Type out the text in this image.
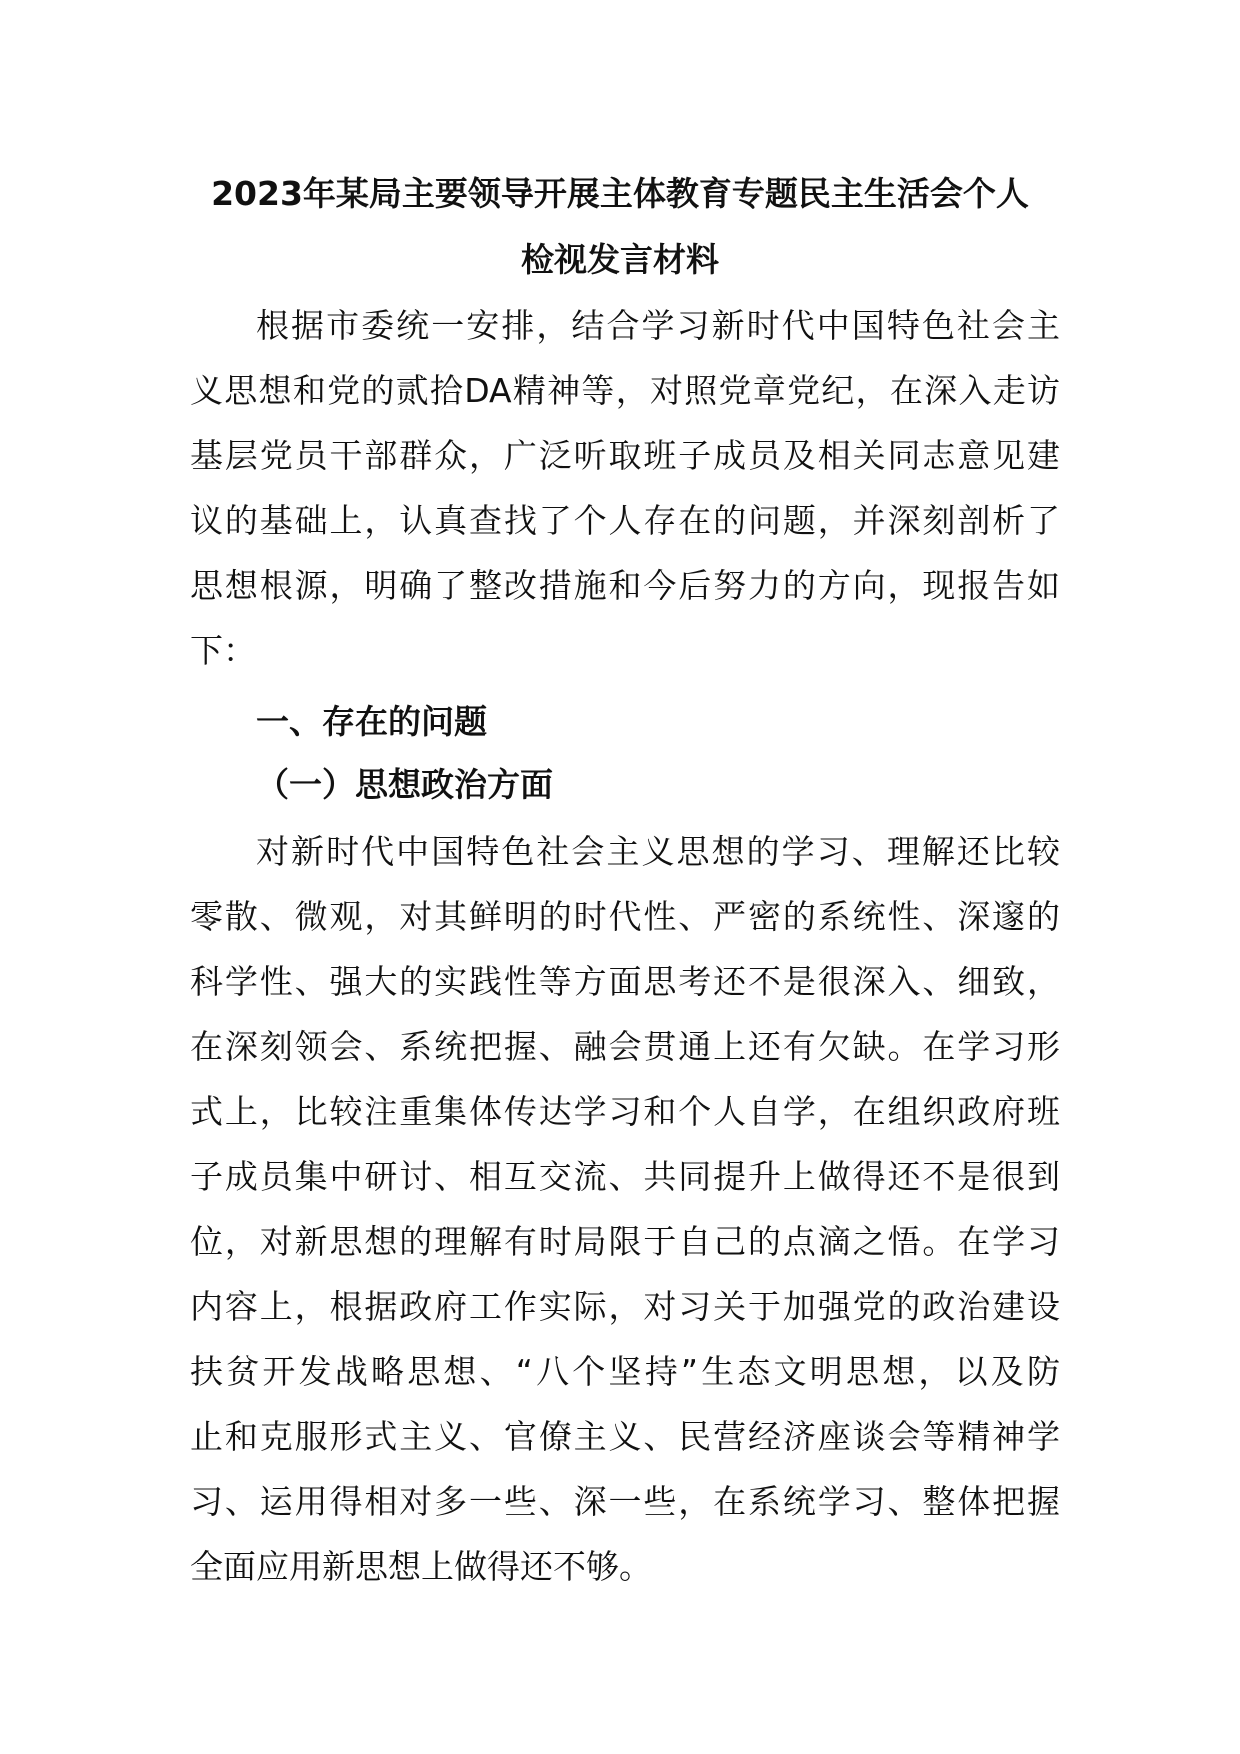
2023年某局主要领导开展主体教育专题民主生活会个人
检视发言材料

根据市委统一安排，结合学习新时代中国特色社会主

义思想和党的贰拾DA精神等，对照党章党纪，在深入走访

基层党员干部群众，广泛听取班子成员及相关同志意见建

议的基础上，认真查找了个人存在的问题，并深刻剖析了

思想根源，明确了整改措施和今后努力的方向，现报告如

下：

一、存在的问题
（一）思想政治方面

对新时代中国特色社会主义思想的学习、理解还比较

零散、微观，对其鲜明的时代性、严密的系统性、深邃的

科学性、强大的实践性等方面思考还不是很深入、细致，

在深刻领会、系统把握、融会贯通上还有欠缺。在学习形

式上，比较注重集体传达学习和个人自学，在组织政府班

子成员集中研讨、相互交流、共同提升上做得还不是很到

位，对新思想的理解有时局限于自己的点滴之悟。在学习

内容上，根据政府工作实际，对习关于加强党的政治建设

扶贫开发战略思想、“八个坚持”生态文明思想，以及防

止和克服形式主义、官僚主义、民营经济座谈会等精神学

习、运用得相对多一些、深一些，在系统学习、整体把握

全面应用新思想上做得还不够。
